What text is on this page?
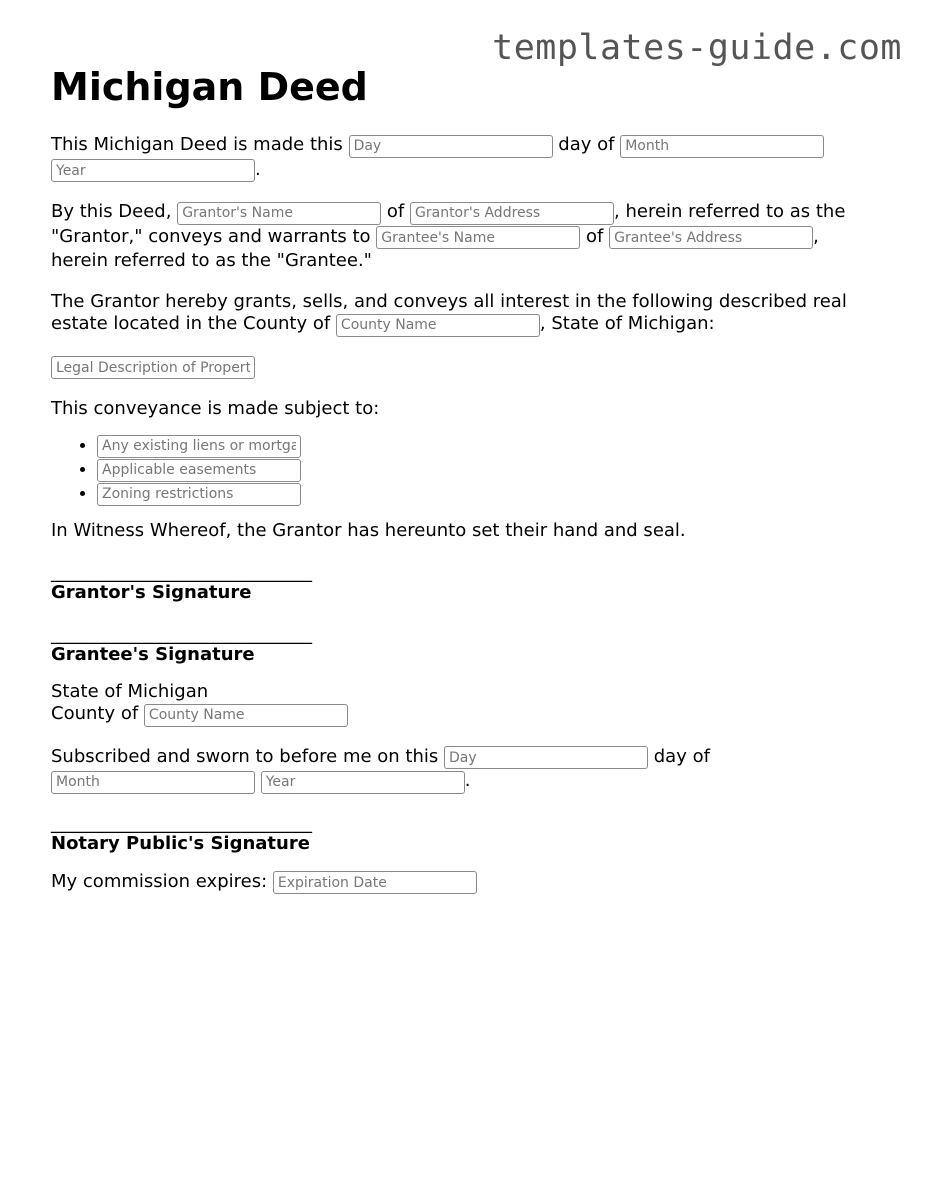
templates-guide.com
Michigan Deed

This Michigan Deed is made this Day	day of Month Year.

By this Deed, Grantor's Name	of Grantor's Address	, herein referred to as the "Grantor," conveys and warrants to Grantee's Name	of Grantee's Address	, herein referred to as the "Grantee."

The Grantor hereby grants, sells, and conveys all interest in the following described real estate located in the County of County Name	, State of Michigan:

Legal Description of Property

This conveyance is made subject to:

• Any existing liens or mortgages
• Applicable easements
• Zoning restrictions

In Witness Whereof, the Grantor has hereunto set their hand and seal.

_____________________________
Grantor's Signature
_____________________________
Grantee's Signature

State of Michigan

County of County Name

Subscribed and sworn to before me on this Day	day of
Month Year.

_____________________________
Notary Public's Signature

My commission expires: Expiration Date
